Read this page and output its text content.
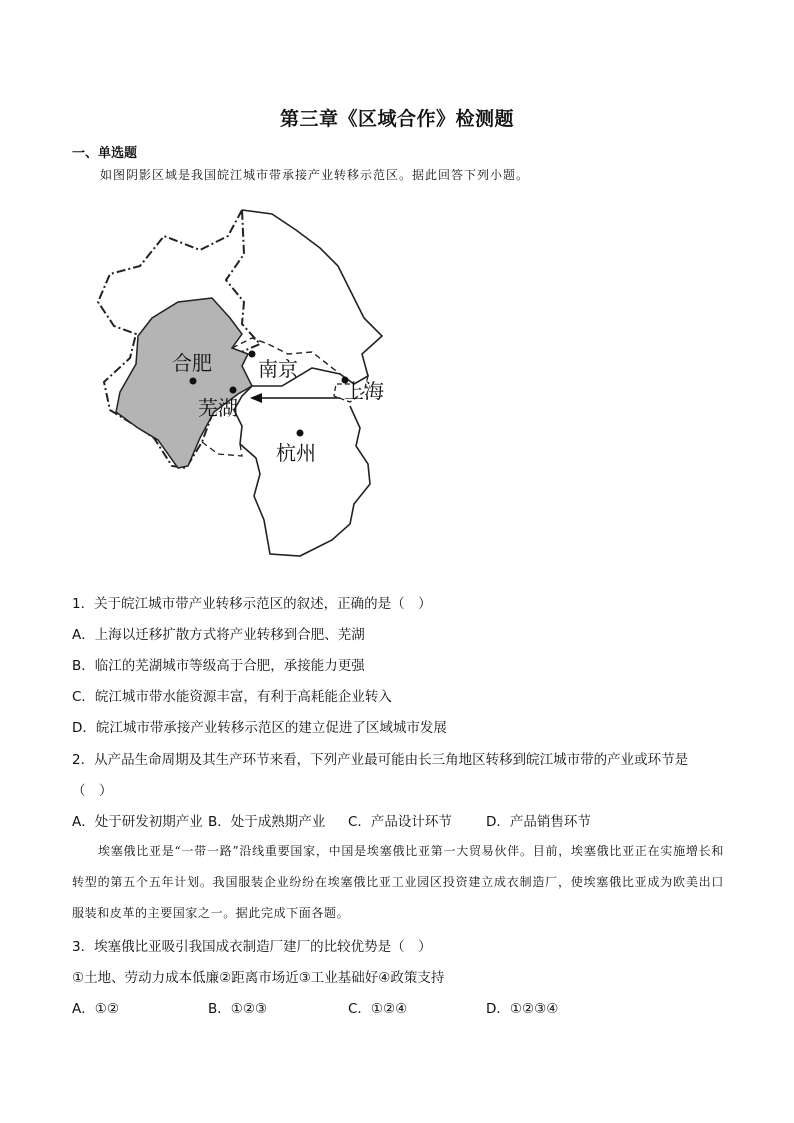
第三章《区域合作》检测题
一、单选题
如图阴影区域是我国皖江城市带承接产业转移示范区。据此回答下列小题。
合肥 南京
芜湖
上海
杭州
1．关于皖江城市带产业转移示范区的叙述，正确的是（　）
A．上海以迁移扩散方式将产业转移到合肥、芜湖
B．临江的芜湖城市等级高于合肥，承接能力更强
C．皖江城市带水能资源丰富，有利于高耗能企业转入
D．皖江城市带承接产业转移示范区的建立促进了区域城市发展
2．从产品生命周期及其生产环节来看，下列产业最可能由长三角地区转移到皖江城市带的产业或环节是
（　）
A．处于研发初期产业 B．处于成熟期产业 C．产品设计环节	D．产品销售环节
埃塞俄比亚是“一带一路”沿线重要国家，中国是埃塞俄比亚第一大贸易伙伴。目前，埃塞俄比亚正在实施增长和转型的第五个五年计划。我国服装企业纷纷在埃塞俄比亚工业园区投资建立成衣制造厂，使埃塞俄比亚成为欧美出口服装和皮革的主要国家之一。据此完成下面各题。
3．埃塞俄比亚吸引我国成衣制造厂建厂的比较优势是（　）
①土地、劳动力成本低廉②距离市场近③工业基础好④政策支持
A．①②	B．①②③	C．①②④	D．①②③④
